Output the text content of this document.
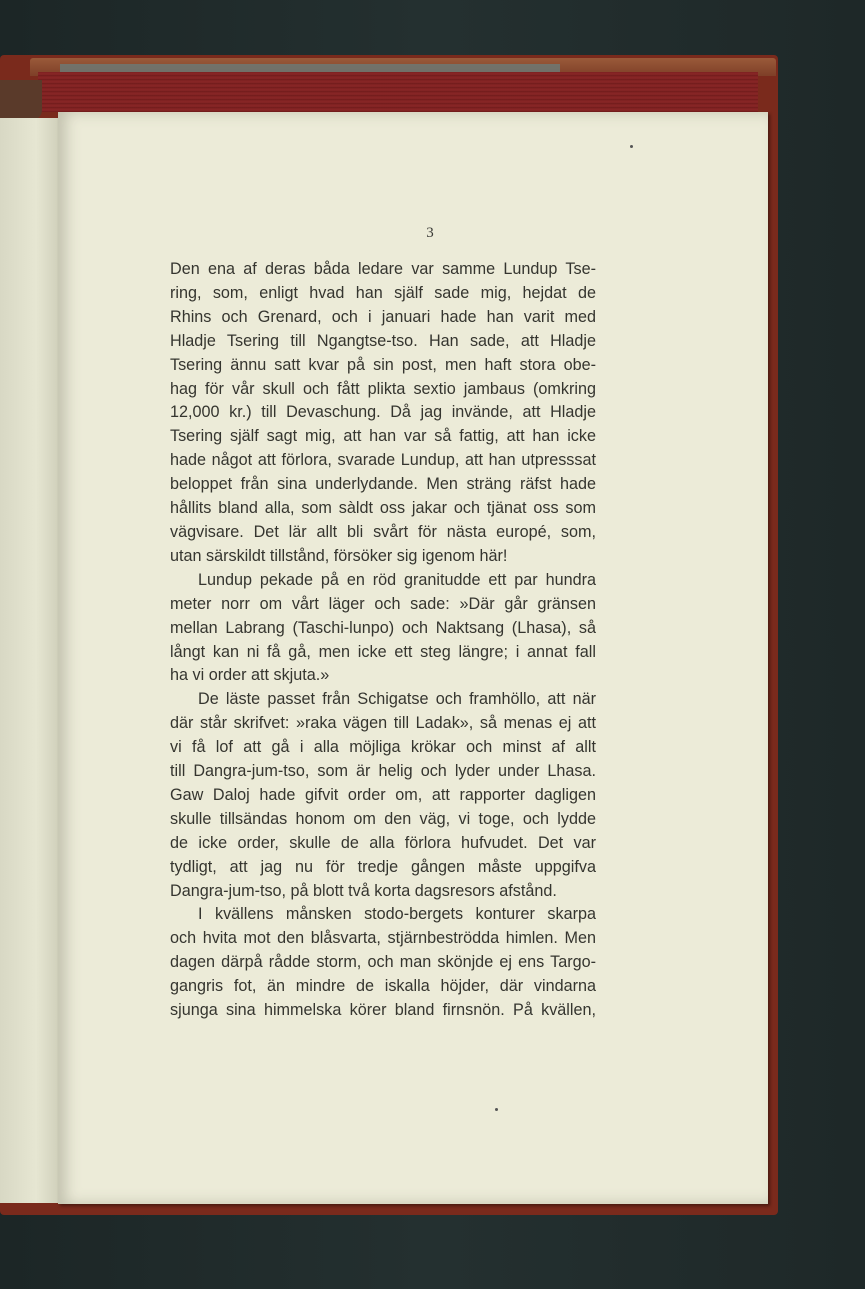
3
Den ena af deras båda ledare var samme Lundup Tse-
ring, som, enligt hvad han själf sade mig, hejdat de
Rhins och Grenard, och i januari hade han varit med
Hladje Tsering till Ngangtse-tso. Han sade, att Hladje
Tsering ännu satt kvar på sin post, men haft stora obe-
hag för vår skull och fått plikta sextio jambaus (omkring
12,000 kr.) till Devaschung. Då jag invände, att Hladje
Tsering själf sagt mig, att han var så fattig, att han icke
hade något att förlora, svarade Lundup, att han utpresssat
beloppet från sina underlydande. Men sträng räfst hade
hållits bland alla, som sàldt oss jakar och tjänat oss som
vägvisare. Det lär allt bli svårt för nästa europé, som,
utan särskildt tillstånd, försöker sig igenom här!
Lundup pekade på en röd granitudde ett par hundra
meter norr om vårt läger och sade: »Där går gränsen
mellan Labrang (Taschi-lunpo) och Naktsang (Lhasa), så
långt kan ni få gå, men icke ett steg längre; i annat fall
ha vi order att skjuta.»
De läste passet från Schigatse och framhöllo, att när
där står skrifvet: »raka vägen till Ladak», så menas ej att
vi få lof att gå i alla möjliga krökar och minst af allt
till Dangra-jum-tso, som är helig och lyder under Lhasa.
Gaw Daloj hade gifvit order om, att rapporter dagligen
skulle tillsändas honom om den väg, vi toge, och lydde
de icke order, skulle de alla förlora hufvudet. Det var
tydligt, att jag nu för tredje gången måste uppgifva
Dangra-jum-tso, på blott två korta dagsresors afstånd.
I kvällens månsken stodo-bergets konturer skarpa
och hvita mot den blåsvarta, stjärnbeströdda himlen. Men
dagen därpå rådde storm, och man skönjde ej ens Targo-
gangris fot, än mindre de iskalla höjder, där vindarna
sjunga sina himmelska körer bland firnsnön. På kvällen,
